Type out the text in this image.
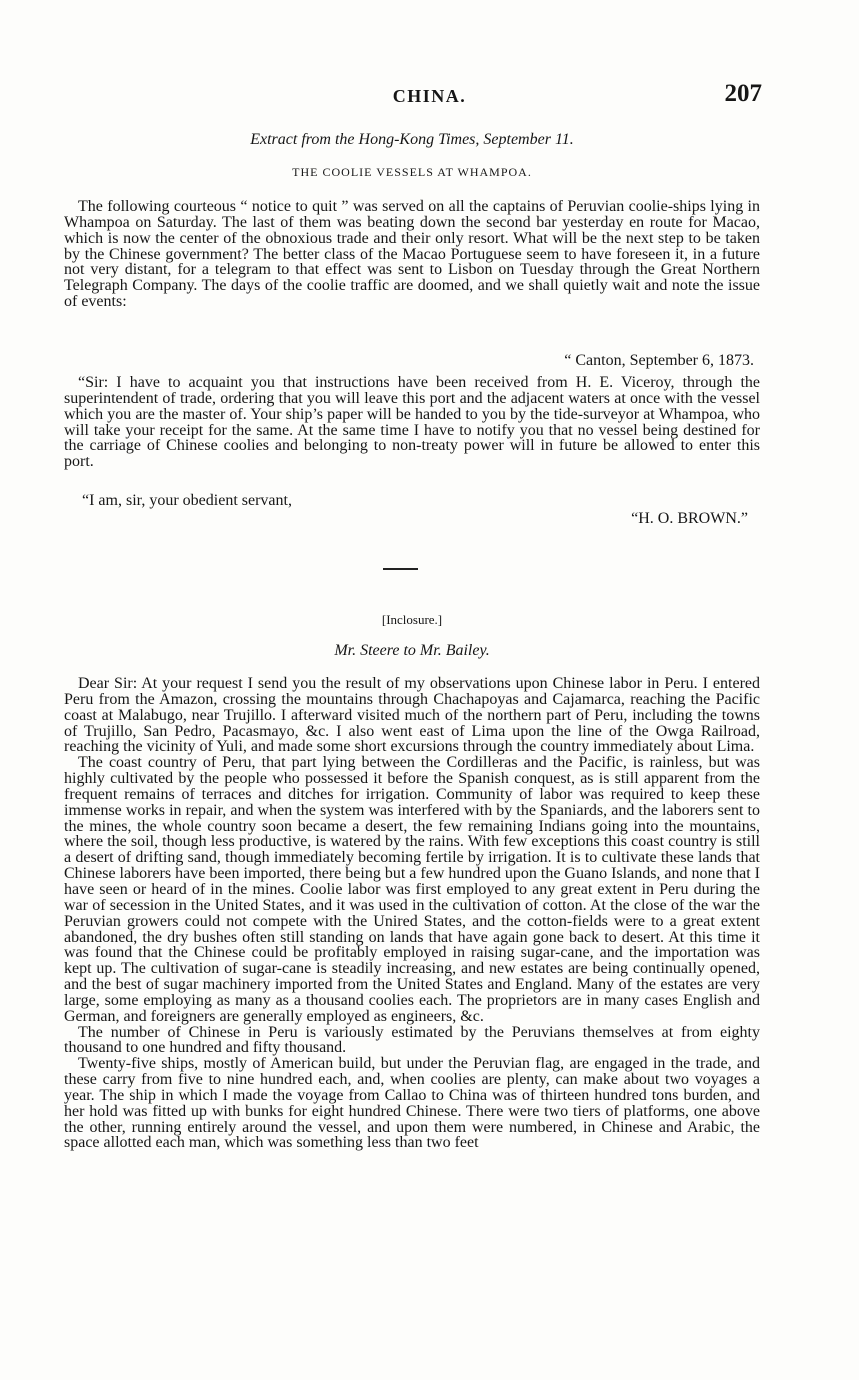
CHINA.	207
Extract from the Hong-Kong Times, September 11.
THE COOLIE VESSELS AT WHAMPOA.

The following courteous “ notice to quit ” was served on all the captains of Peruvian coolie-ships lying in Whampoa on Saturday. The last of them was beating down the second bar yesterday en route for Macao, which is now the center of the obnoxious trade and their only resort. What will be the next step to be taken by the Chinese government? The better class of the Macao Portuguese seem to have foreseen it, in a future not very distant, for a telegram to that effect was sent to Lisbon on Tuesday through the Great Northern Telegraph Company. The days of the coolie traffic are doomed, and we shall quietly wait and note the issue of events:

“ Canton, September 6, 1873.

“Sir: I have to acquaint you that instructions have been received from H. E. Viceroy, through the superintendent of trade, ordering that you will leave this port and the adjacent waters at once with the vessel which you are the master of. Your ship’s paper will be handed to you by the tide-surveyor at Whampoa, who will take your receipt for the same. At the same time I have to notify you that no vessel being destined for the carriage of Chinese coolies and belonging to non-treaty power will in future be allowed to enter this port.

“I am, sir, your obedient servant,
“H. O. BROWN.”
[Inclosure.]
Mr. Steere to Mr. Bailey.

Dear Sir: At your request I send you the result of my observations upon Chinese labor in Peru. I entered Peru from the Amazon, crossing the mountains through Chachapoyas and Cajamarca, reaching the Pacific coast at Malabugo, near Trujillo. I afterward visited much of the northern part of Peru, including the towns of Trujillo, San Pedro, Pacasmayo, &c. I also went east of Lima upon the line of the Owga Railroad, reaching the vicinity of Yuli, and made some short excursions through the country immediately about Lima.

The coast country of Peru, that part lying between the Cordilleras and the Pacific, is rainless, but was highly cultivated by the people who possessed it before the Spanish conquest, as is still apparent from the frequent remains of terraces and ditches for irrigation. Community of labor was required to keep these immense works in repair, and when the system was interfered with by the Spaniards, and the laborers sent to the mines, the whole country soon became a desert, the few remaining Indians going into the mountains, where the soil, though less productive, is watered by the rains. With few exceptions this coast country is still a desert of drifting sand, though immediately becoming fertile by irrigation. It is to cultivate these lands that Chinese laborers have been imported, there being but a few hundred upon the Guano Islands, and none that I have seen or heard of in the mines. Coolie labor was first employed to any great extent in Peru during the war of secession in the United States, and it was used in the cultivation of cotton. At the close of the war the Peruvian growers could not compete with the Unired States, and the cotton-fields were to a great extent abandoned, the dry bushes often still standing on lands that have again gone back to desert. At this time it was found that the Chinese could be profitably employed in raising sugar-cane, and the importation was kept up. The cultivation of sugar-cane is steadily increasing, and new estates are being continually opened, and the best of sugar machinery imported from the United States and England. Many of the estates are very large, some employing as many as a thousand coolies each. The proprietors are in many cases English and German, and foreigners are generally employed as engineers, &c.

The number of Chinese in Peru is variously estimated by the Peruvians themselves at from eighty thousand to one hundred and fifty thousand.

Twenty-five ships, mostly of American build, but under the Peruvian flag, are engaged in the trade, and these carry from five to nine hundred each, and, when coolies are plenty, can make about two voyages a year. The ship in which I made the voyage from Callao to China was of thirteen hundred tons burden, and her hold was fitted up with bunks for eight hundred Chinese. There were two tiers of platforms, one above the other, running entirely around the vessel, and upon them were numbered, in Chinese and Arabic, the space allotted each man, which was something less than two feet
